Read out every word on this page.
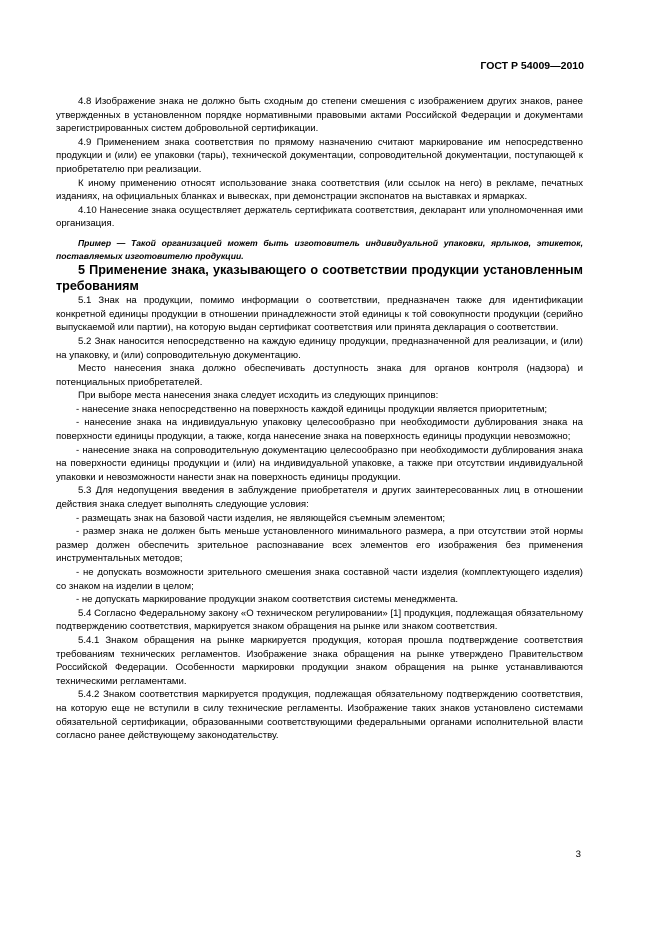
ГОСТ Р 54009—2010

4.8 Изображение знака не должно быть сходным до степени смешения с изображением других знаков, ранее утвержденных в установленном порядке нормативными правовыми актами Российской Федерации и документами зарегистрированных систем добровольной сертификации.

4.9 Применением знака соответствия по прямому назначению считают маркирование им непосредственно продукции и (или) ее упаковки (тары), технической документации, сопроводительной документации, поступающей к приобретателю при реализации.

К иному применению относят использование знака соответствия (или ссылок на него) в рекламе, печатных изданиях, на официальных бланках и вывесках, при демонстрации экспонатов на выставках и ярмарках.

4.10 Нанесение знака осуществляет держатель сертификата соответствия, декларант или уполномоченная ими организация.

Пример — Такой организацией может быть изготовитель индивидуальной упаковки, ярлыков, этикеток, поставляемых изготовителю продукции.

5 Применение знака, указывающего о соответствии продукции установленным требованиям

5.1 Знак на продукции, помимо информации о соответствии, предназначен также для идентификации конкретной единицы продукции в отношении принадлежности этой единицы к той совокупности продукции (серийно выпускаемой или партии), на которую выдан сертификат соответствия или принята декларация о соответствии.

5.2 Знак наносится непосредственно на каждую единицу продукции, предназначенной для реализации, и (или) на упаковку, и (или) сопроводительную документацию.

Место нанесения знака должно обеспечивать доступность знака для органов контроля (надзора) и потенциальных приобретателей.

При выборе места нанесения знака следует исходить из следующих принципов:

- нанесение знака непосредственно на поверхность каждой единицы продукции является приоритетным;

- нанесение знака на индивидуальную упаковку целесообразно при необходимости дублирования знака на поверхности единицы продукции, а также, когда нанесение знака на поверхность единицы продукции невозможно;

- нанесение знака на сопроводительную документацию целесообразно при необходимости дублирования знака на поверхности единицы продукции и (или) на индивидуальной упаковке, а также при отсутствии индивидуальной упаковки и невозможности нанести знак на поверхность единицы продукции.

5.3 Для недопущения введения в заблуждение приобретателя и других заинтересованных лиц в отношении действия знака следует выполнять следующие условия:

- размещать знак на базовой части изделия, не являющейся съемным элементом;

- размер знака не должен быть меньше установленного минимального размера, а при отсутствии этой нормы размер должен обеспечить зрительное распознавание всех элементов его изображения без применения инструментальных методов;

- не допускать возможности зрительного смешения знака составной части изделия (комплектующего изделия) со знаком на изделии в целом;

- не допускать маркирование продукции знаком соответствия системы менеджмента.

5.4 Согласно Федеральному закону «О техническом регулировании» [1] продукция, подлежащая обязательному подтверждению соответствия, маркируется знаком обращения на рынке или знаком соответствия.

5.4.1 Знаком обращения на рынке маркируется продукция, которая прошла подтверждение соответствия требованиям технических регламентов. Изображение знака обращения на рынке утверждено Правительством Российской Федерации. Особенности маркировки продукции знаком обращения на рынке устанавливаются техническими регламентами.

5.4.2 Знаком соответствия маркируется продукция, подлежащая обязательному подтверждению соответствия, на которую еще не вступили в силу технические регламенты. Изображение таких знаков установлено системами обязательной сертификации, образованными соответствующими федеральными органами исполнительной власти согласно ранее действующему законодательству.

3
